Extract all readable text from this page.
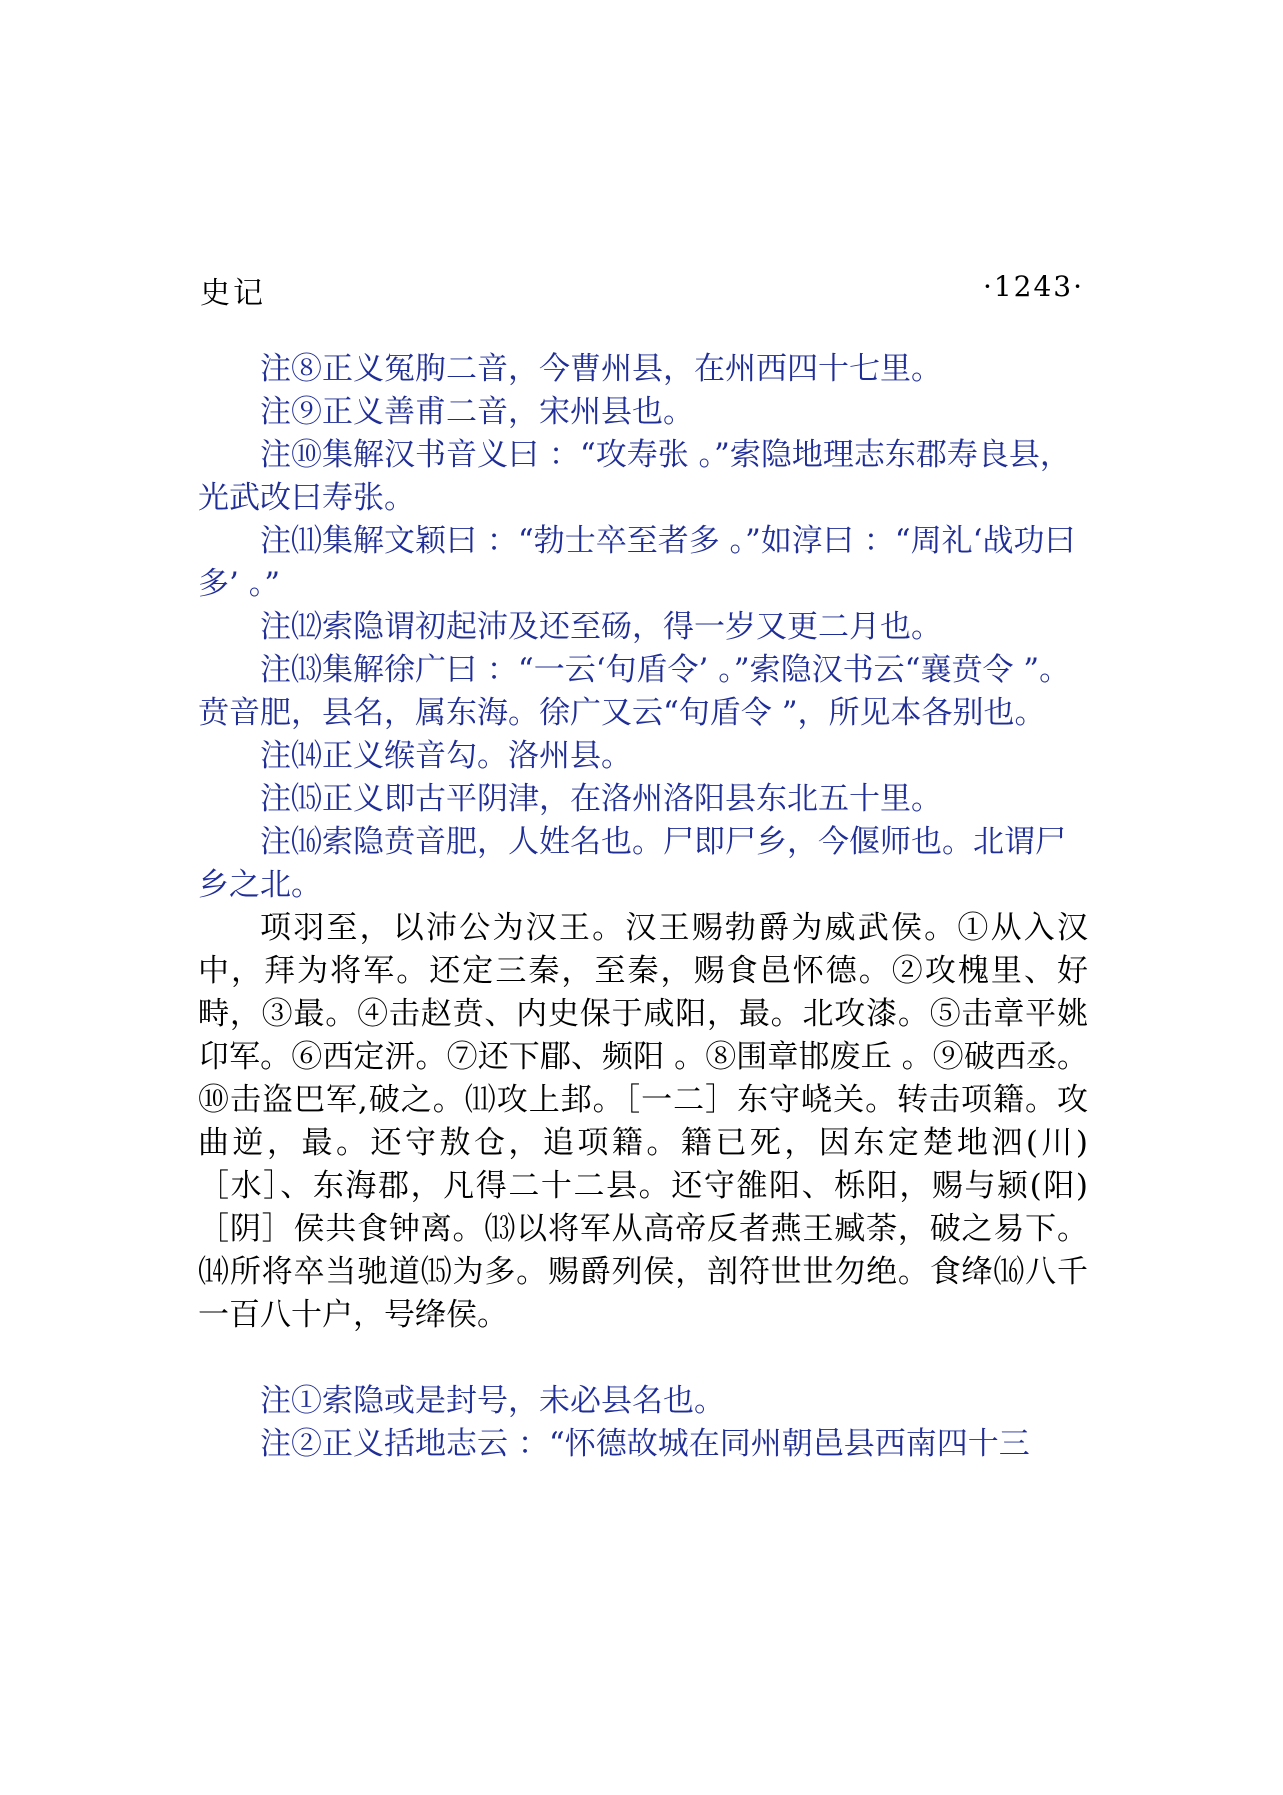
史记	·1243·

注⑧正义冤朐二音，今曹州县，在州西四十七里。

注⑨正义善甫二音，宋州县也。

注⑩集解汉书音义曰 ：“攻寿张 。”索隐地理志东郡寿良县，光武改曰寿张。

注⑾集解文颖曰 ：“勃士卒至者多 。”如淳曰 ：“周礼‘战功曰多’ 。”

注⑿索隐谓初起沛及还至砀，得一岁又更二月也。

注⒀集解徐广曰 ：“一云‘句盾令’ 。”索隐汉书云“襄贲令 ”。贲音肥，县名，属东海。徐广又云“句盾令 ”，所见本各别也。

注⒁正义缑音勾。洛州县。

注⒂正义即古平阴津，在洛州洛阳县东北五十里。

注⒃索隐贲音肥，人姓名也。尸即尸乡，今偃师也。北谓尸乡之北。

项羽至，以沛公为汉王。汉王赐勃爵为威武侯。①从入汉中，拜为将军。还定三秦，至秦，赐食邑怀德。②攻槐里、好畤，③最。④击赵贲、内史保于咸阳，最。北攻漆。⑤击章平姚卬军。⑥西定汧。⑦还下郿、频阳 。⑧围章邯废丘 。⑨破西丞。⑩击盗巴军,破之。⑾攻上邽。［一二］东守峣关。转击项籍。攻曲逆，最。还守敖仓，追项籍。籍已死，因东定楚地泗(川)［水］、东海郡，凡得二十二县。还守雒阳、栎阳，赐与颍(阳)［阴］侯共食钟离。⒀以将军从高帝反者燕王臧荼，破之易下。⒁所将卒当驰道⒂为多。赐爵列侯，剖符世世勿绝。食绛⒃八千一百八十户，号绛侯。

注①索隐或是封号，未必县名也。

注②正义括地志云 ：“怀德故城在同州朝邑县西南四十三
